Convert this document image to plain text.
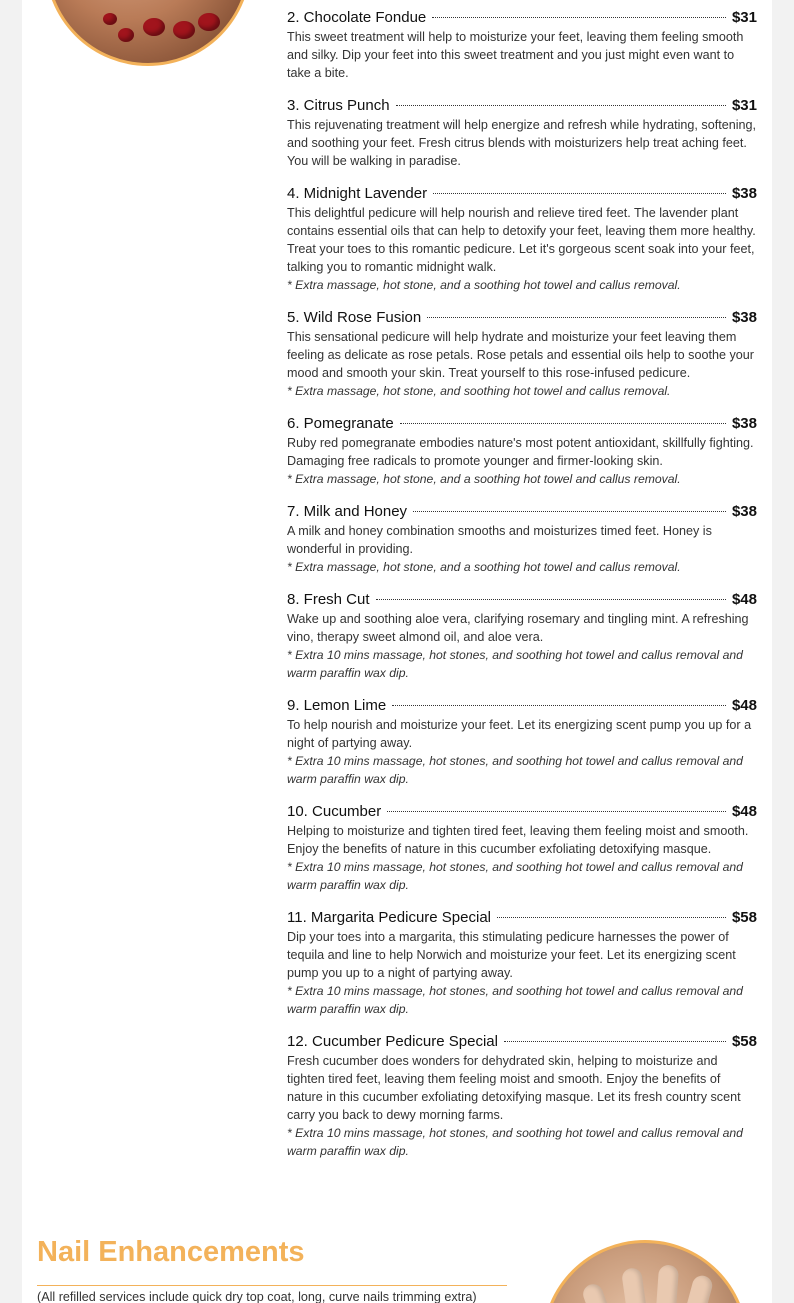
2. Chocolate Fondue	$31

This sweet treatment will help to moisturize your feet, leaving them feeling smooth and silky. Dip your feet into this sweet treatment and you just might even want to take a bite.

3. Citrus Punch	$31

This rejuvenating treatment will help energize and refresh while hydrating, softening, and soothing your feet. Fresh citrus blends with moisturizers help treat aching feet. You will be walking in paradise.

4. Midnight Lavender	$38

This delightful pedicure will help nourish and relieve tired feet. The lavender plant contains essential oils that can help to detoxify your feet, leaving them more healthy. Treat your toes to this romantic pedicure. Let it's gorgeous scent soak into your feet, talking you to romantic midnight walk.

* Extra massage, hot stone, and a soothing hot towel and callus removal.

5. Wild Rose Fusion	$38

This sensational pedicure will help hydrate and moisturize your feet leaving them feeling as delicate as rose petals. Rose petals and essential oils help to soothe your mood and smooth your skin. Treat yourself to this rose-infused pedicure.

* Extra massage, hot stone, and soothing hot towel and callus removal.

6. Pomegranate	$38

Ruby red pomegranate embodies nature's most potent antioxidant, skillfully fighting. Damaging free radicals to promote younger and firmer-looking skin.

* Extra massage, hot stone, and a soothing hot towel and callus removal.

7. Milk and Honey	$38

A milk and honey combination smooths and moisturizes timed feet. Honey is wonderful in providing.

* Extra massage, hot stone, and a soothing hot towel and callus removal.

8. Fresh Cut	$48

Wake up and soothing aloe vera, clarifying rosemary and tingling mint. A refreshing vino, therapy sweet almond oil, and aloe vera.

* Extra 10 mins massage, hot stones, and soothing hot towel and callus removal and warm paraffin wax dip.

9. Lemon Lime	$48

To help nourish and moisturize your feet. Let its energizing scent pump you up for a night of partying away.

* Extra 10 mins massage, hot stones, and soothing hot towel and callus removal and warm paraffin wax dip.

10. Cucumber	$48

Helping to moisturize and tighten tired feet, leaving them feeling moist and smooth. Enjoy the benefits of nature in this cucumber exfoliating detoxifying masque.

* Extra 10 mins massage, hot stones, and soothing hot towel and callus removal and warm paraffin wax dip.

11. Margarita Pedicure Special	$58

Dip your toes into a margarita, this stimulating pedicure harnesses the power of tequila and line to help Norwich and moisturize your feet. Let its energizing scent pump you up to a night of partying away.

* Extra 10 mins massage, hot stones, and soothing hot towel and callus removal and warm paraffin wax dip.

12. Cucumber Pedicure Special	$58

Fresh cucumber does wonders for dehydrated skin, helping to moisturize and tighten tired feet, leaving them feeling moist and smooth. Enjoy the benefits of nature in this cucumber exfoliating detoxifying masque. Let its fresh country scent carry you back to dewy morning farms.

* Extra 10 mins massage, hot stones, and soothing hot towel and callus removal and warm paraffin wax dip.

Nail Enhancements
(All refilled services include quick dry top coat, long, curve nails trimming extra)
